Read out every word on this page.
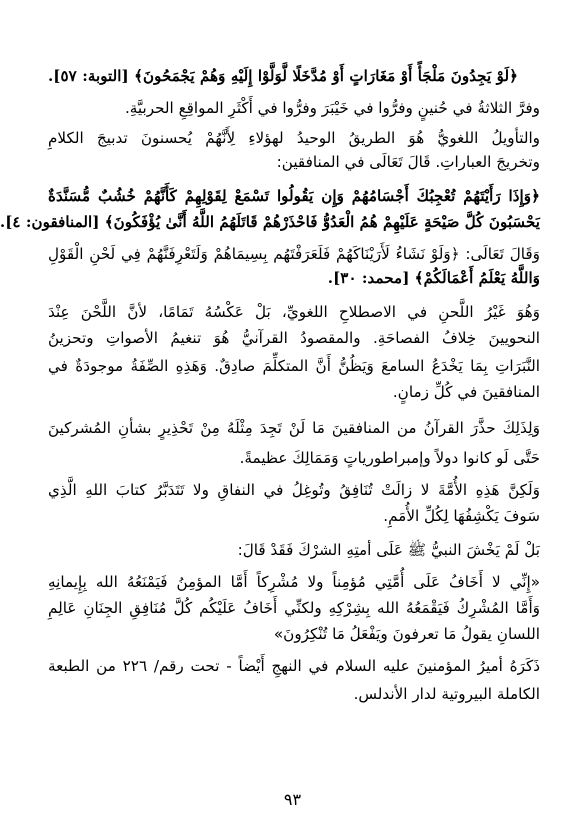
﴿لَوْ يَجِدُونَ مَلْجَأً أَوْ مَغَارَاتٍ أَوْ مُدَّخَلًا لَّوَلَّوْا إِلَيْهِ وَهُمْ يَجْمَحُونَ﴾ [التوبة: ٥٧].
وفرَّ الثلاثةُ في حُنينٍ وفرُّوا في خَيْبَرَ وفرُّوا في أَكْثَرِ المواقِعِ الحربيَّةِ.
والتأويلُ اللغويُّ هُوَ الطريقُ الوحيدُ لهؤلاءِ لِأَنَّهُمْ يُحسنونَ تدبيجَ الكلامِ
وتخريجَ العباراتِ. قَالَ تَعَالَى في المنافقين:
﴿وَإِذَا رَأَيْتَهُمْ تُعْجِبُكَ أَجْسَامُهُمْ وَإِن يَقُولُوا تَسْمَعْ لِقَوْلِهِمْ كَأَنَّهُمْ خُشُبٌ مُّسَنَّدَةٌ
يَحْسَبُونَ كُلَّ صَيْحَةٍ عَلَيْهِمْ هُمُ الْعَدُوُّ فَاحْذَرْهُمْ قَاتَلَهُمُ اللَّهُ أَنَّىٰ يُؤْفَكُونَ﴾ [المنافقون: ٤].
وَقَالَ تَعَالَى: ﴿وَلَوْ نَشَاءُ لَأَرَيْنَاكَهُمْ فَلَعَرَفْتَهُم بِسِيمَاهُمْ وَلَتَعْرِفَنَّهُمْ فِي لَحْنِ الْقَوْلِ
وَاللَّهُ يَعْلَمُ أَعْمَالَكُمْ﴾ [محمد: ٣٠].
وَهُوَ غَيْرُ اللَّحنِ في الاصطلاحِ اللغويِّ، بَلْ عَكْسُهُ تَمَامًا، لأنَّ اللَّحْنَ عِنْدَ
النحويينَ خِلافُ الفصاحَةِ. والمقصودُ القرآنيُّ هُوَ تنغيمُ الأصواتِ وتحزينُ
النَّبَرَاتِ بِمَا يَخْدَعُ السامعَ وَيَظُنُّ أَنَّ المتكلِّمَ صادِقٌ. وَهَذِهِ الصِّفَةُ موجودَةٌ في
المنافقينَ في كُلِّ زمانٍ.
وَلِذَلِكَ حذَّرَ القرآنُ من المنافقينَ مَا لَنْ تَجِدَ مِثْلَهُ مِنْ تَحْذِيرٍ بشأنِ المُشركينَ
حَتَّى لَو كانوا دولاً وإمبراطورياتٍ وَمَمَالِكَ عظيمةً.
وَلَكِنَّ هَذِهِ الأُمَّةَ لا زالَتْ تُنَافِقُ وتُوغِلُ في النفاقِ ولا تَتَدَبَّرُ كتابَ اللهِ الَّذِي
سَوفَ يَكْشِفُهَا لِكُلِّ الأُمَمِ.
بَلْ لَمْ يَخْشَ النبيُّ ﷺ عَلَى أمتِهِ الشرْكَ فَقَدْ قَالَ:
«إِنِّي لا أَخَافُ عَلَى أُمَّتِي مُؤمِناً ولا مُشْرِكاً أَمَّا المؤمِنُ فَيَمْنَعُهُ الله بِإِيمانِهِ
وَأَمَّا المُشْرِكُ فَيَقْمَعُهُ الله بِشِرْكِهِ ولكنِّي أَخَافُ عَلَيْكُم كُلَّ مُنَافِقِ الجِنَانِ عَالِمِ
اللسانِ يقولُ مَا تعرفونَ ويَفْعَلُ مَا تُنْكِرُونَ»
ذَكَرَهُ أميرُ المؤمنينَ عليه السلام في النهجِ أَيْضاً - تحت رقم/ ٢٢٦ من الطبعة
الكاملة البيروتية لدار الأندلس.
٩٣
